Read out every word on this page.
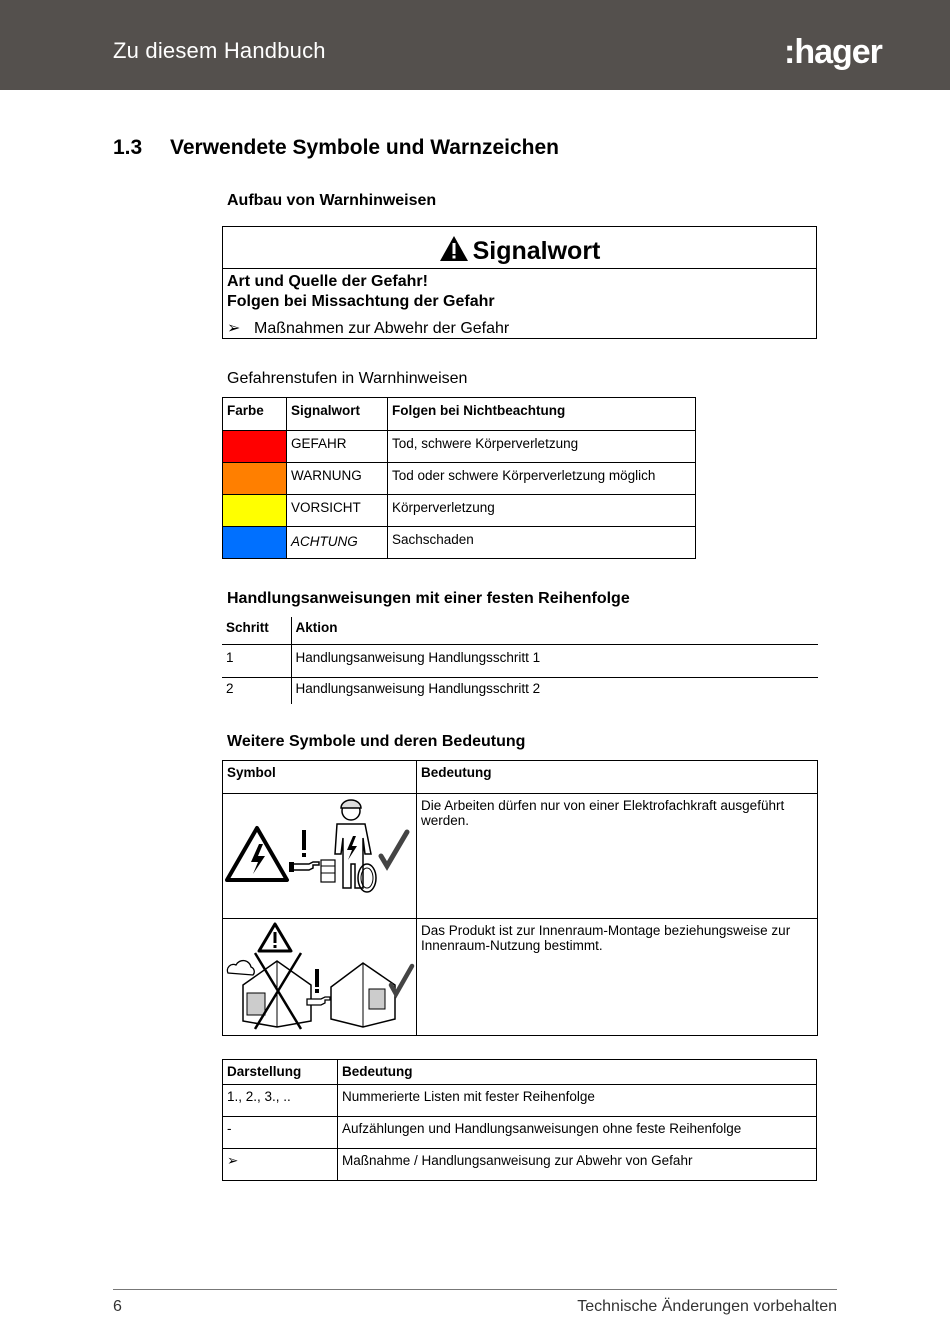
Zu diesem Handbuch	:hager
1.3 Verwendete Symbole und Warnzeichen
Aufbau von Warnhinweisen
Signalwort
Art und Quelle der Gefahr!
Folgen bei Missachtung der Gefahr
➢ Maßnahmen zur Abwehr der Gefahr
Gefahrenstufen in Warnhinweisen
Farbe	Signalwort	Folgen bei Nichtbeachtung

	GEFAHR	Tod, schwere Körperverletzung

	WARNUNG	Tod oder schwere Körperverletzung möglich

	VORSICHT	Körperverletzung

	ACHTUNG	Sachschaden
Handlungsanweisungen mit einer festen Reihenfolge
Schritt	Aktion
1	Handlungsanweisung Handlungsschritt 1
2	Handlungsanweisung Handlungsschritt 2
Weitere Symbole und deren Bedeutung
Symbol	Bedeutung
	Die Arbeiten dürfen nur von einer Elektrofachkraft ausgeführt werden.
	Das Produkt ist zur Innenraum-Montage beziehungsweise zur Innenraum-Nutzung bestimmt.
Darstellung	Bedeutung
1., 2., 3., ..	Nummerierte Listen mit fester Reihenfolge
-	Aufzählungen und Handlungsanweisungen ohne feste Reihenfolge
➢	Maßnahme / Handlungsanweisung zur Abwehr von Gefahr
6	Technische Änderungen vorbehalten
